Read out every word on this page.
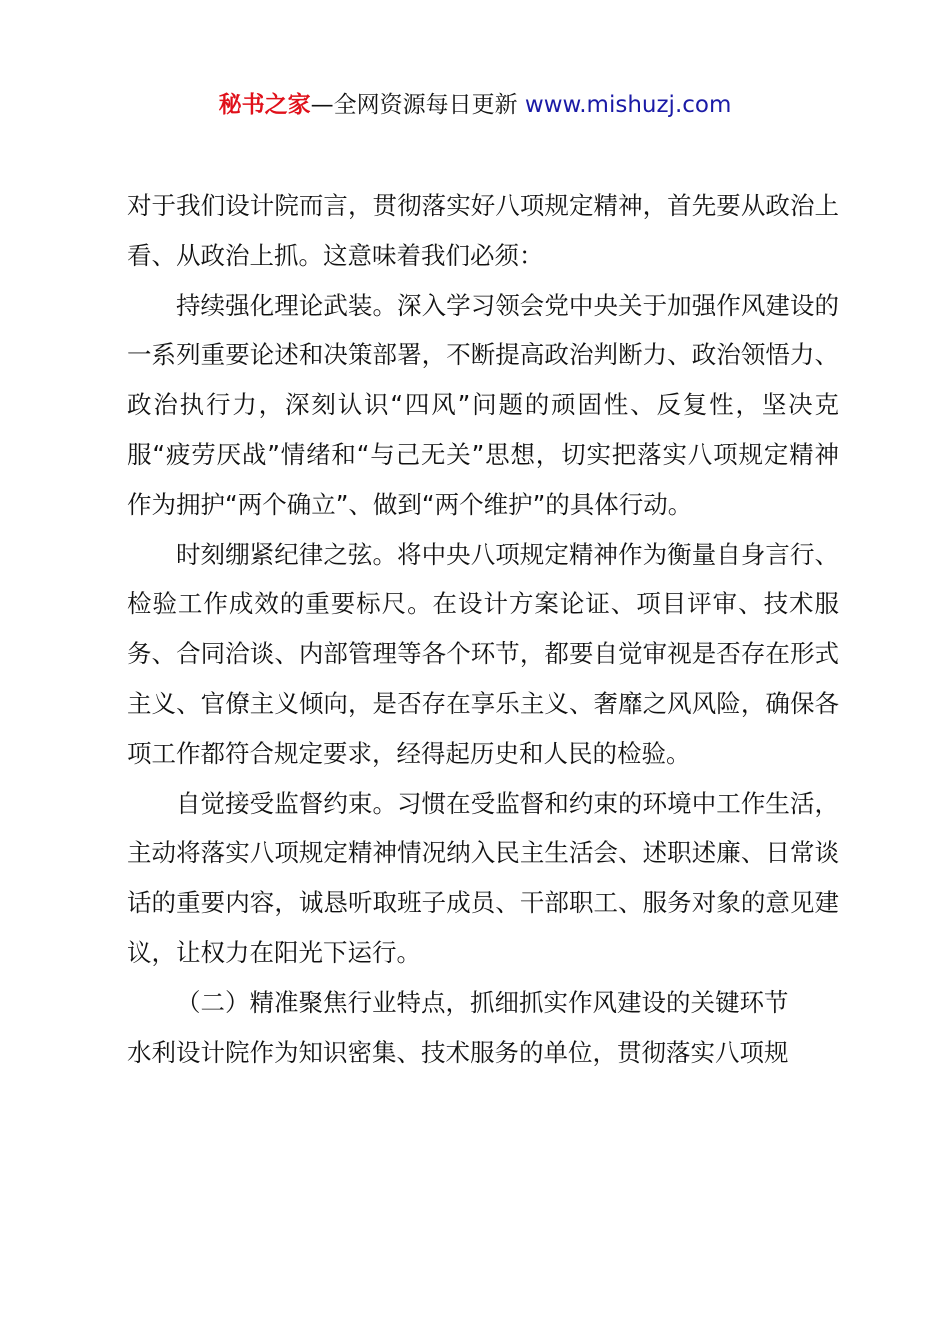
秘书之家—全网资源每日更新 www.mishuzj.com

对于我们设计院而言，贯彻落实好八项规定精神，首先要从政治上看、从政治上抓。这意味着我们必须：

持续强化理论武装。深入学习领会党中央关于加强作风建设的一系列重要论述和决策部署，不断提高政治判断力、政治领悟力、政治执行力，深刻认识“四风”问题的顽固性、反复性，坚决克服“疲劳厌战”情绪和“与己无关”思想，切实把落实八项规定精神作为拥护“两个确立”、做到“两个维护”的具体行动。

时刻绷紧纪律之弦。将中央八项规定精神作为衡量自身言行、检验工作成效的重要标尺。在设计方案论证、项目评审、技术服务、合同洽谈、内部管理等各个环节，都要自觉审视是否存在形式主义、官僚主义倾向，是否存在享乐主义、奢靡之风风险，确保各项工作都符合规定要求，经得起历史和人民的检验。

自觉接受监督约束。习惯在受监督和约束的环境中工作生活，主动将落实八项规定精神情况纳入民主生活会、述职述廉、日常谈话的重要内容，诚恳听取班子成员、干部职工、服务对象的意见建议，让权力在阳光下运行。

（二）精准聚焦行业特点，抓细抓实作风建设的关键环节

水利设计院作为知识密集、技术服务的单位，贯彻落实八项规
